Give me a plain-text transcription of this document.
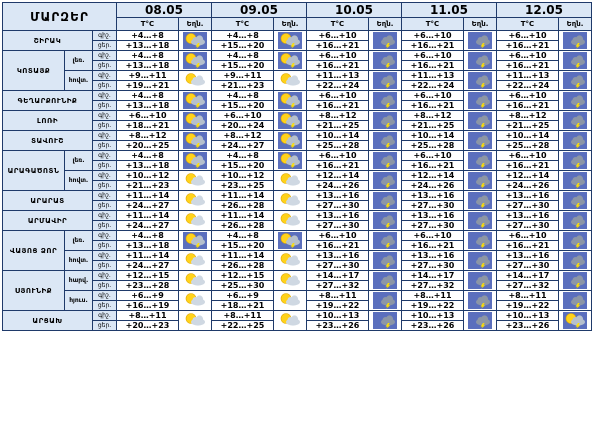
ՄԱՐԶԵՐ			08.05		09.05		10.05		11.05		12.05	
			T°C	Եղն.	T°C	Եղն.	T°C	Եղն.	T°C	Եղն.	T°C	Եղն.
ՇԻՐԱԿ		գիշ.	+4…+8		+4…+8		+6…+10		+6…+10		+6…+10	

		ցեր.	+13…+18		+15…+20		+16…+21		+16…+21		+16…+21	
ԿՈՏԱՅՔ	լեռ.	գիշ.	+4…+8		+4…+8		+6…+10		+6…+10		+6…+10	

		ցեր.	+13…+18		+15…+20		+16…+21		+16…+21		+16…+21	
	հովտ.	գիշ.	+9…+11		+9…+11		+11…+13		+11…+13		+11…+13	

		ցեր.	+19…+21		+21…+23		+22…+24		+22…+24		+22…+24	
ԳԵՂԱՐՔՈՒՆԻՔ		գիշ.	+4…+8		+4…+8		+6…+10		+6…+10		+6…+10	

		ցեր.	+13…+18		+15…+20		+16…+21		+16…+21		+16…+21	
ԼՈՌԻ		գիշ.	+6…+10		+6…+10		+8…+12		+8…+12		+8…+12	

		ցեր.	+18…+21		+20…+24		+21…+25		+21…+25		+21…+25	
ՏԱՎՈՒՇ		գիշ.	+8…+12		+8…+12		+10…+14		+10…+14		+10…+14	

		ցեր.	+20…+25		+24…+27		+25…+28		+25…+28		+25…+28	
ԱՐԱԳԱԾՈՏՆ	լեռ.	գիշ.	+4…+8		+4…+8		+6…+10		+6…+10		+6…+10	

		ցեր.	+13…+18		+15…+20		+16…+21		+16…+21		+16…+21	
	հովտ.	գիշ.	+10…+12		+10…+12		+12…+14		+12…+14		+12…+14	

		ցեր.	+21…+23		+23…+25		+24…+26		+24…+26		+24…+26	
ԱՐԱՐԱՏ		գիշ.	+11…+14		+11…+14		+13…+16		+13…+16		+13…+16	

		ցեր.	+24…+27		+26…+28		+27…+30		+27…+30		+27…+30	
ԱՐՄԱՎԻՐ		գիշ.	+11…+14		+11…+14		+13…+16		+13…+16		+13…+16	

		ցեր.	+24…+27		+26…+28		+27…+30		+27…+30		+27…+30	
ՎԱՅՈՑ ՁՈՐ	լեռ.	գիշ.	+4…+8		+4…+8		+6…+10		+6…+10		+6…+10	

		ցեր.	+13…+18		+15…+20		+16…+21		+16…+21		+16…+21	
	հովտ.	գիշ.	+11…+14		+11…+14		+13…+16		+13…+16		+13…+16	

		ցեր.	+24…+27		+26…+28		+27…+30		+27…+30		+27…+30	
ՍՅՈՒՆԻՔ	հարվ.	գիշ.	+12…+15		+12…+15		+14…+17		+14…+17		+14…+17	

		ցեր.	+23…+28		+25…+30		+27…+32		+27…+32		+27…+32	
	հյուս.	գիշ.	+6…+9		+6…+9		+8…+11		+8…+11		+8…+11	

		ցեր.	+16…+19		+18…+21		+19…+22		+19…+22		+19…+22	
ԱՐՑԱԽ		գիշ.	+8…+11		+8…+11		+10…+13		+10…+13		+10…+13	

		ցեր.	+20…+23		+22…+25		+23…+26		+23…+26		+23…+26	
